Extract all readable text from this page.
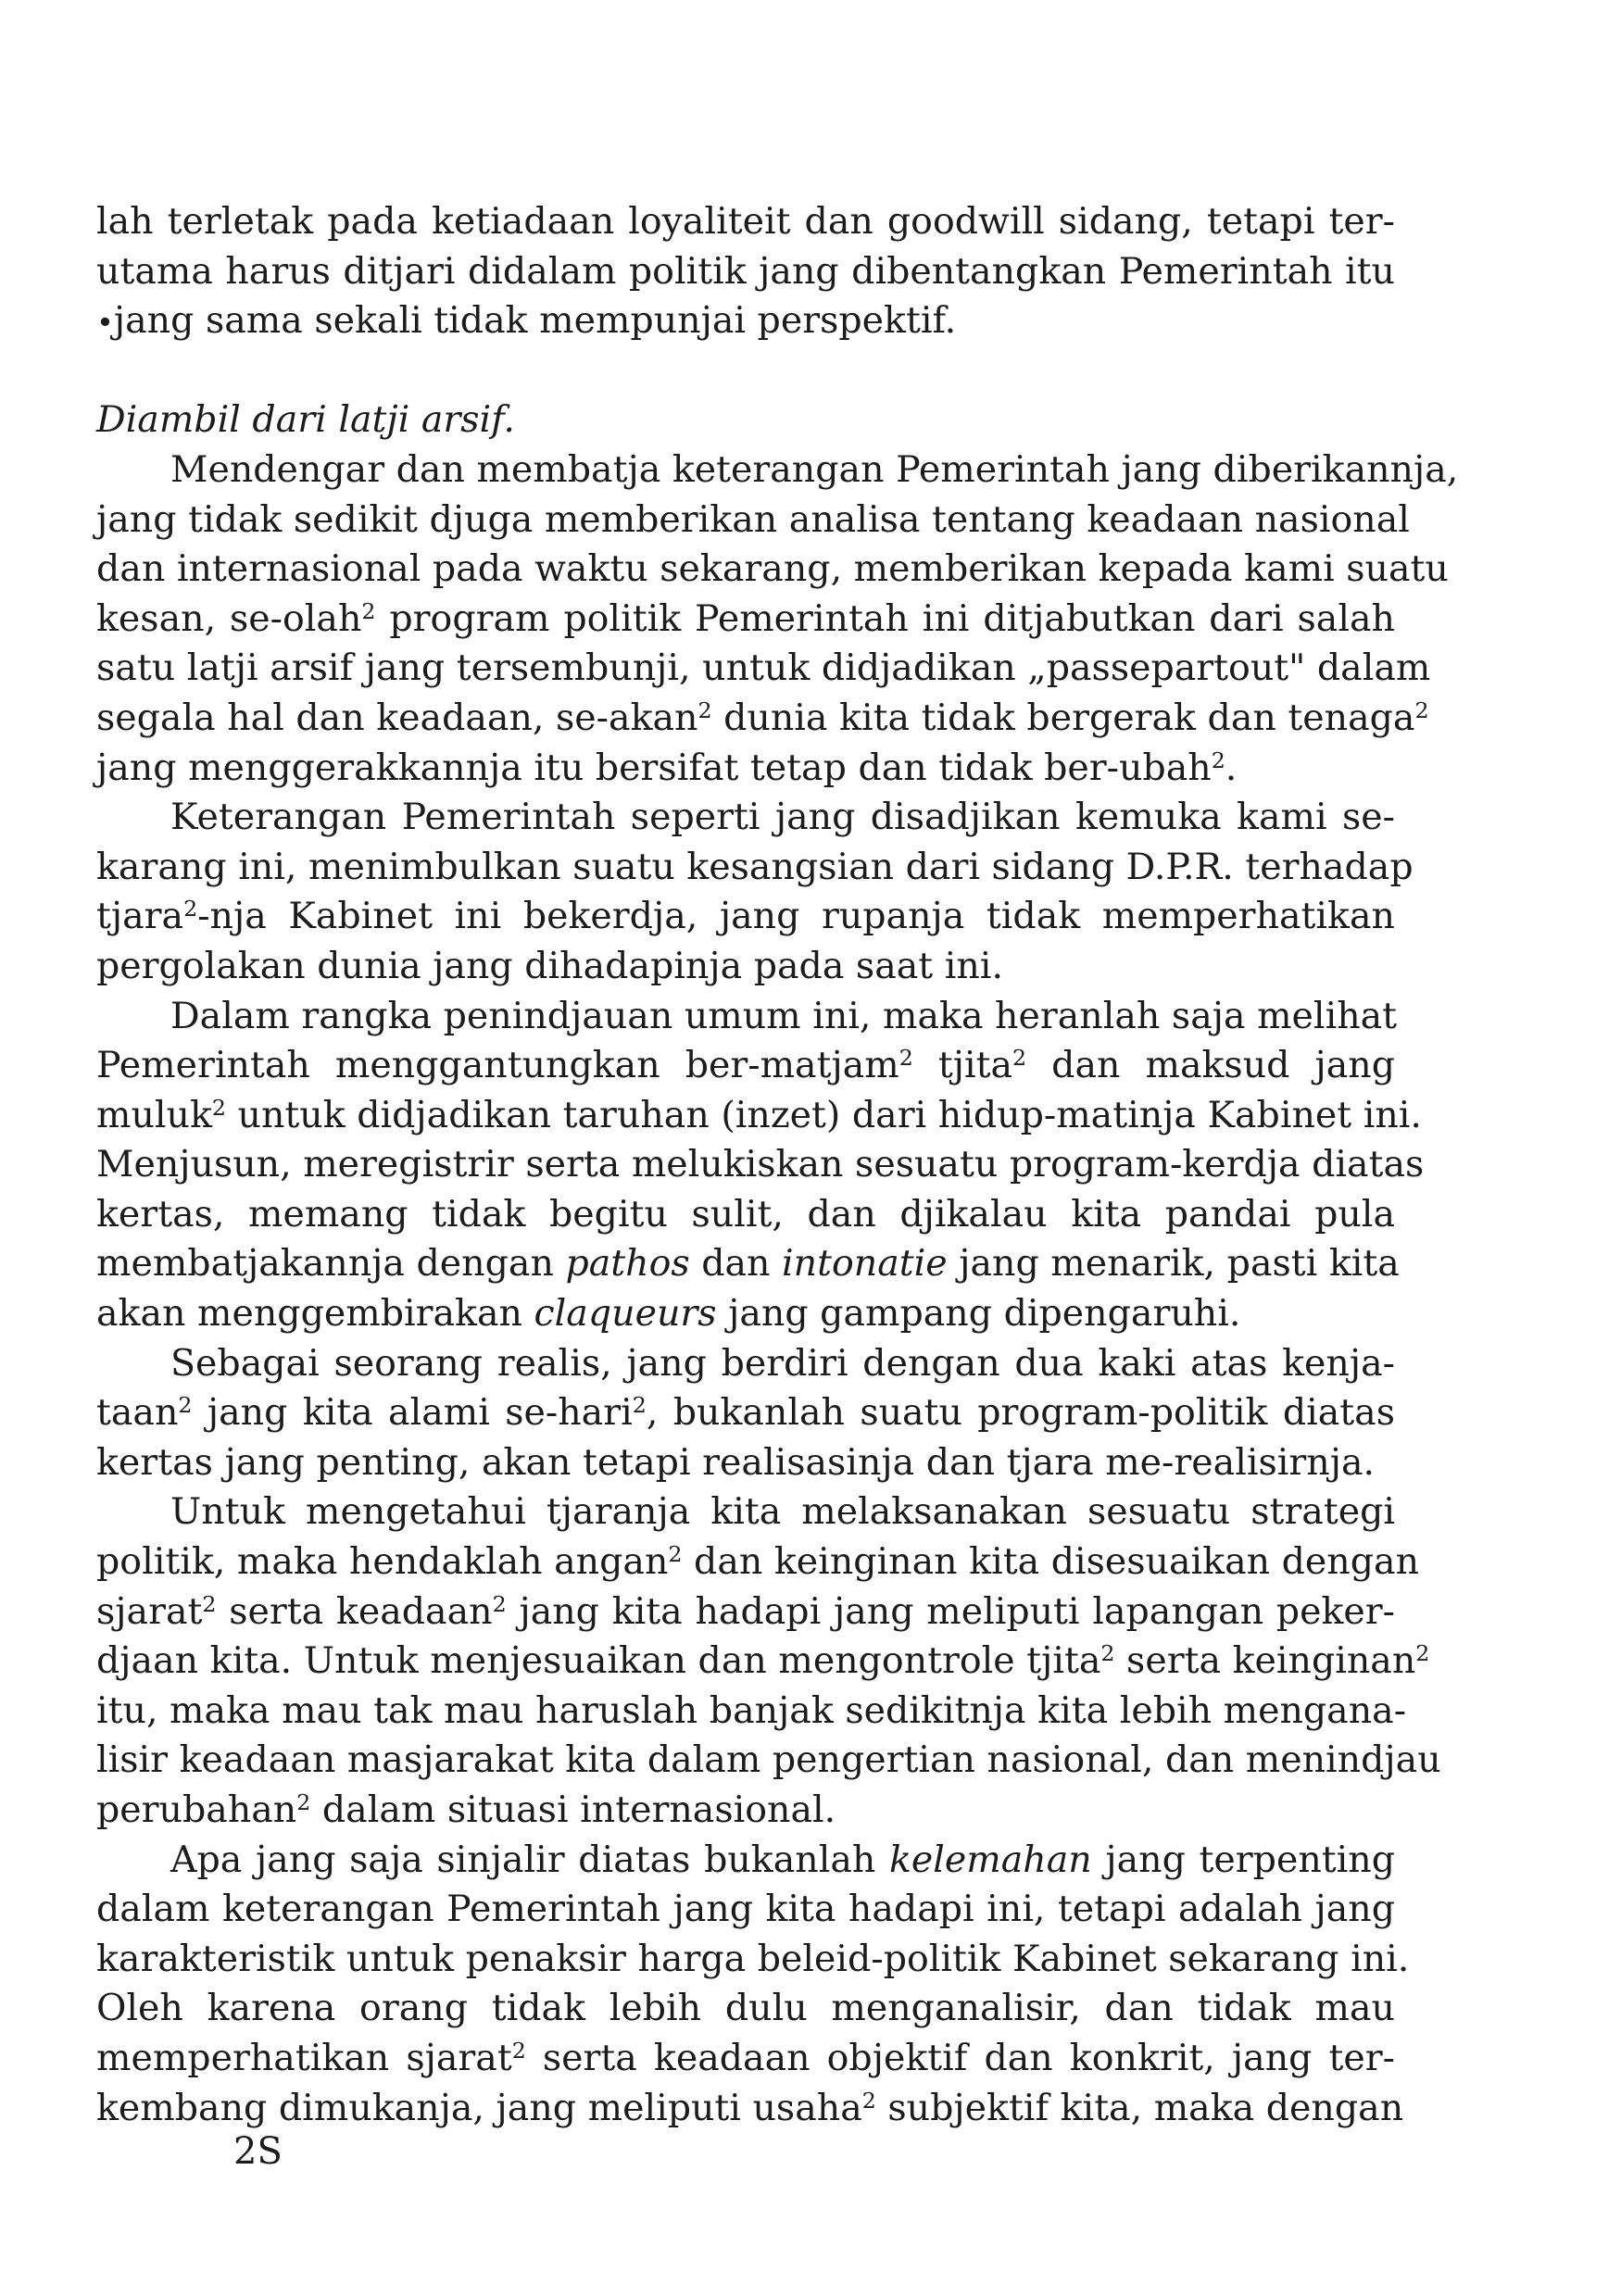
lah terletak pada ketiadaan loyaliteit dan goodwill sidang, tetapi ter-
utama harus ditjari didalam politik jang dibentangkan Pemerintah itu
•jang sama sekali tidak mempunjai perspektif.
Diambil dari latji arsif.
Mendengar dan membatja keterangan Pemerintah jang diberikannja,
jang tidak sedikit djuga memberikan analisa tentang keadaan nasional
dan internasional pada waktu sekarang, memberikan kepada kami suatu
kesan, se-olah$^2$ program politik Pemerintah ini ditjabutkan dari salah
satu latji arsif jang tersembunji, untuk didjadikan „passepartout" dalam
segala hal dan keadaan, se-akan$^2$ dunia kita tidak bergerak dan tenaga$^2$
jang menggerakkannja itu bersifat tetap dan tidak ber-ubah$^2$.
Keterangan Pemerintah seperti jang disadjikan kemuka kami se-
karang ini, menimbulkan suatu kesangsian dari sidang D.P.R. terhadap
tjara$^2$-nja Kabinet ini bekerdja, jang rupanja tidak memperhatikan
pergolakan dunia jang dihadapinja pada saat ini.
Dalam rangka penindjauan umum ini, maka heranlah saja melihat
Pemerintah menggantungkan ber-matjam$^2$ tjita$^2$ dan maksud jang
muluk$^2$ untuk didjadikan taruhan (inzet) dari hidup-matinja Kabinet ini.
Menjusun, meregistrir serta melukiskan sesuatu program-kerdja diatas
kertas, memang tidak begitu sulit, dan djikalau kita pandai pula
membatjakannja dengan pathos dan intonatie jang menarik, pasti kita
akan menggembirakan claqueurs jang gampang dipengaruhi.
Sebagai seorang realis, jang berdiri dengan dua kaki atas kenja-
taan$^2$ jang kita alami se-hari$^2$, bukanlah suatu program-politik diatas
kertas jang penting, akan tetapi realisasinja dan tjara me-realisirnja.
Untuk mengetahui tjaranja kita melaksanakan sesuatu strategi
politik, maka hendaklah angan$^2$ dan keinginan kita disesuaikan dengan
sjarat$^2$ serta keadaan$^2$ jang kita hadapi jang meliputi lapangan peker-
djaan kita. Untuk menjesuaikan dan mengontrole tjita$^2$ serta keinginan$^2$
itu, maka mau tak mau haruslah banjak sedikitnja kita lebih mengana-
lisir keadaan masjarakat kita dalam pengertian nasional, dan menindjau
perubahan$^2$ dalam situasi internasional.
Apa jang saja sinjalir diatas bukanlah kelemahan jang terpenting
dalam keterangan Pemerintah jang kita hadapi ini, tetapi adalah jang
karakteristik untuk penaksir harga beleid-politik Kabinet sekarang ini.
Oleh karena orang tidak lebih dulu menganalisir, dan tidak mau
memperhatikan sjarat$^2$ serta keadaan objektif dan konkrit, jang ter-
kembang dimukanja, jang meliputi usaha$^2$ subjektif kita, maka dengan
2S
